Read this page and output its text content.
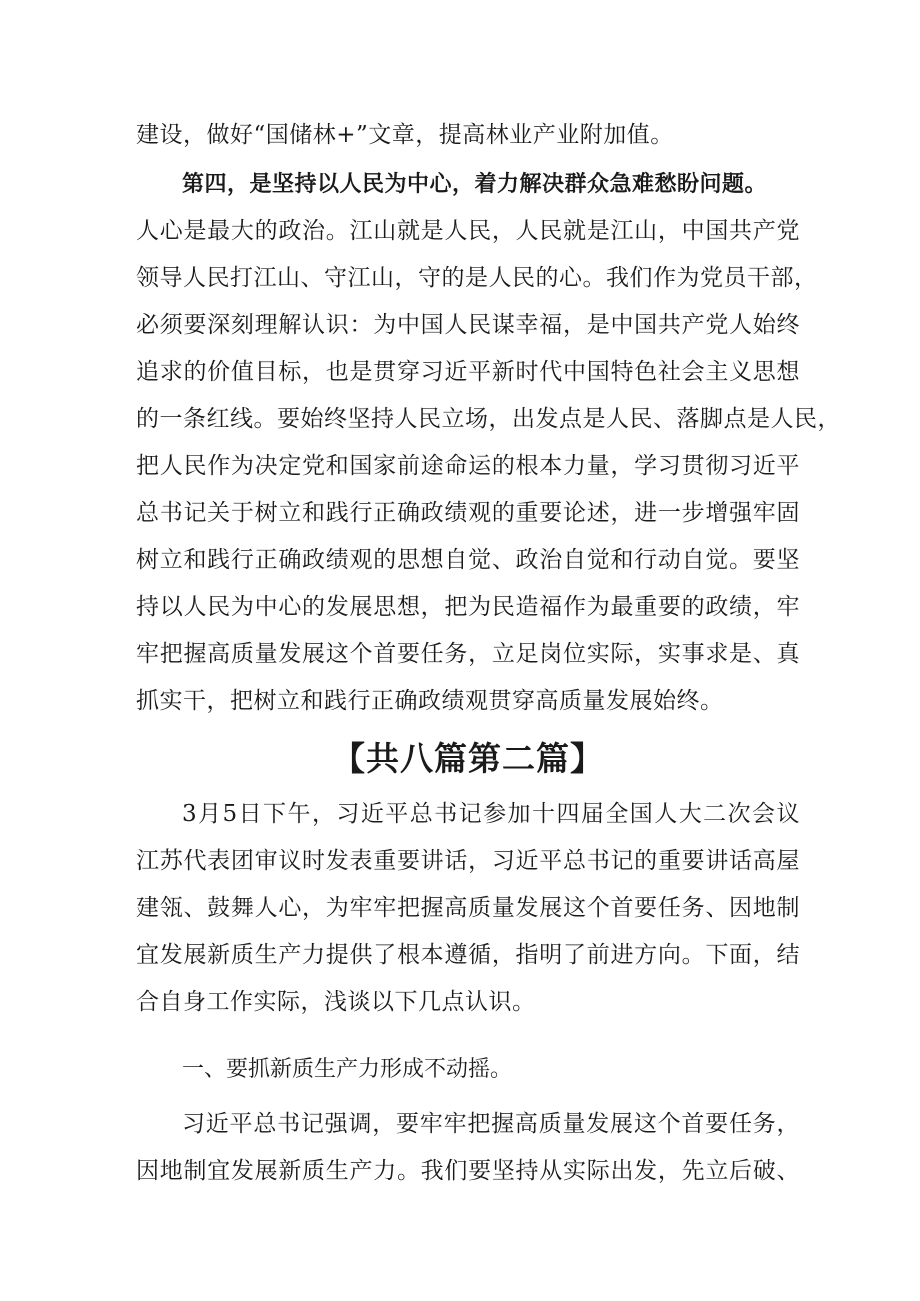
建设，做好“国储林+”文章，提高林业产业附加值。
第四，是坚持以人民为中心，着力解决群众急难愁盼问题。
人心是最大的政治。江山就是人民，人民就是江山，中国共产党
领导人民打江山、守江山，守的是人民的心。我们作为党员干部，
必须要深刻理解认识：为中国人民谋幸福，是中国共产党人始终
追求的价值目标，也是贯穿习近平新时代中国特色社会主义思想
的一条红线。要始终坚持人民立场，出发点是人民、落脚点是人民，
把人民作为决定党和国家前途命运的根本力量，学习贯彻习近平
总书记关于树立和践行正确政绩观的重要论述，进一步增强牢固
树立和践行正确政绩观的思想自觉、政治自觉和行动自觉。要坚
持以人民为中心的发展思想，把为民造福作为最重要的政绩，牢
牢把握高质量发展这个首要任务，立足岗位实际，实事求是、真
抓实干，把树立和践行正确政绩观贯穿高质量发展始终。
【共八篇第二篇】
3月5日下午，习近平总书记参加十四届全国人大二次会议
江苏代表团审议时发表重要讲话，习近平总书记的重要讲话高屋
建瓴、鼓舞人心，为牢牢把握高质量发展这个首要任务、因地制
宜发展新质生产力提供了根本遵循，指明了前进方向。下面，结
合自身工作实际，浅谈以下几点认识。
一、要抓新质生产力形成不动摇。
习近平总书记强调，要牢牢把握高质量发展这个首要任务，
因地制宜发展新质生产力。我们要坚持从实际出发，先立后破、
